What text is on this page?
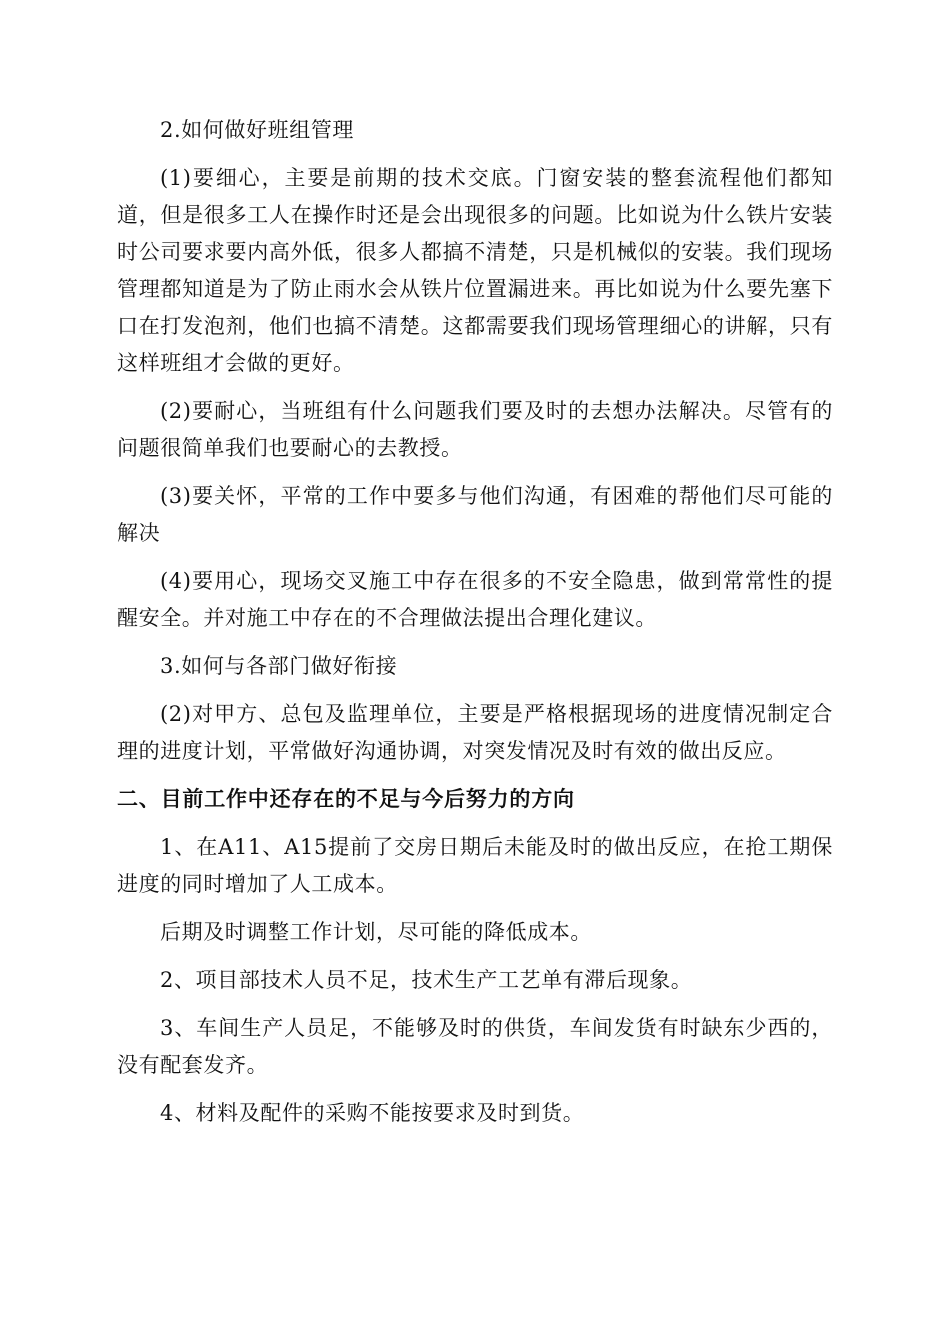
2.如何做好班组管理

(1)要细心，主要是前期的技术交底。门窗安装的整套流程他们都知道，但是很多工人在操作时还是会出现很多的问题。比如说为什么铁片安装时公司要求要内高外低，很多人都搞不清楚，只是机械似的安装。我们现场管理都知道是为了防止雨水会从铁片位置漏进来。再比如说为什么要先塞下口在打发泡剂，他们也搞不清楚。这都需要我们现场管理细心的讲解，只有这样班组才会做的更好。

(2)要耐心，当班组有什么问题我们要及时的去想办法解决。尽管有的问题很简单我们也要耐心的去教授。

(3)要关怀，平常的工作中要多与他们沟通，有困难的帮他们尽可能的解决

(4)要用心，现场交叉施工中存在很多的不安全隐患，做到常常性的提醒安全。并对施工中存在的不合理做法提出合理化建议。

3.如何与各部门做好衔接

(2)对甲方、总包及监理单位，主要是严格根据现场的进度情况制定合理的进度计划，平常做好沟通协调，对突发情况及时有效的做出反应。

二、目前工作中还存在的不足与今后努力的方向

1、在A11、A15提前了交房日期后未能及时的做出反应，在抢工期保进度的同时增加了人工成本。

后期及时调整工作计划，尽可能的降低成本。

2、项目部技术人员不足，技术生产工艺单有滞后现象。

3、车间生产人员足，不能够及时的供货，车间发货有时缺东少西的，没有配套发齐。

4、材料及配件的采购不能按要求及时到货。
